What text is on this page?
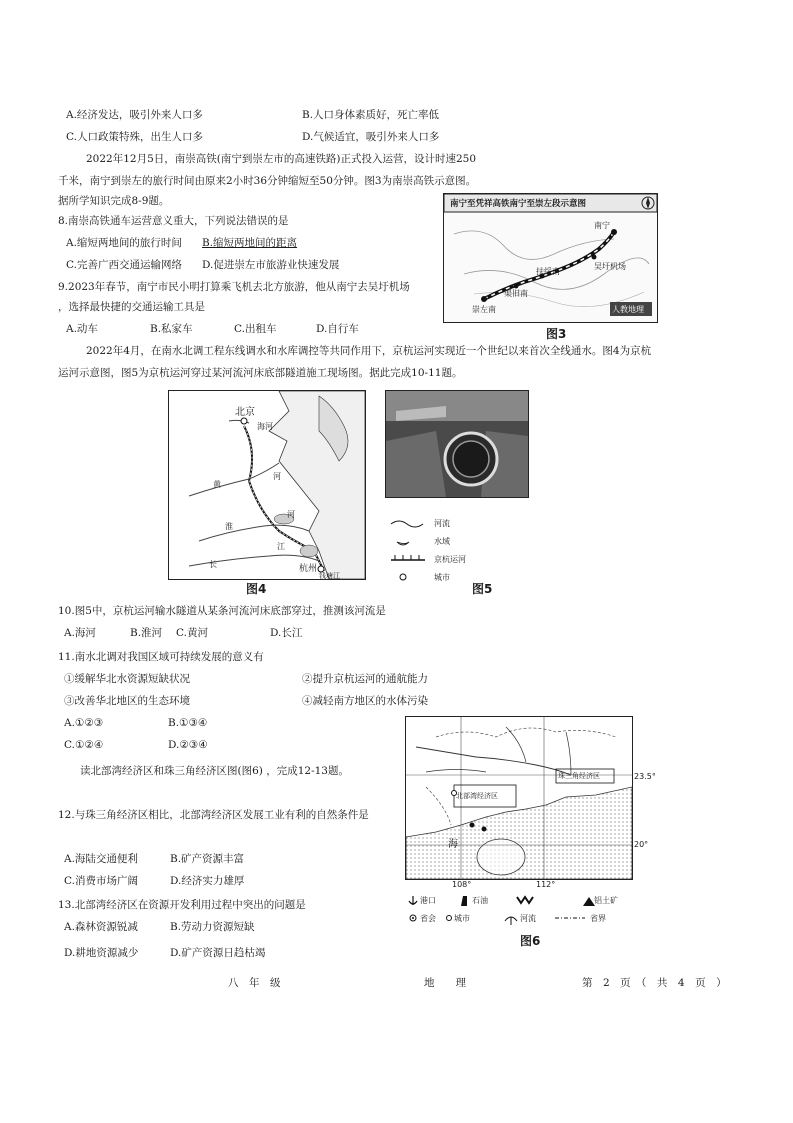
A.经济发达，吸引外来人口多	B.人口身体素质好，死亡率低
C.人口政策特殊，出生人口多	D.气候适宜，吸引外来人口多
2022年12月5日，南崇高铁(南宁到崇左市的高速铁路)正式投入运营，设计时速250
千米，南宁到崇左的旅行时间由原来2小时36分钟缩短至50分钟。图3为南崇高铁示意图。
据所学知识完成8-9题。
8.南崇高铁通车运营意义重大，下列说法错误的是
A.缩短两地间的旅行时间 B.缩短两地间的距离
C.完善广西交通运输网络 D.促进崇左市旅游业快速发展
9.2023年春节，南宁市民小明打算乘飞机去北方旅游，他从南宁去吴圩机场
，选择最快捷的交通运输工具是
A.动车	B.私家车	C.出租车	D.自行车
南宁至凭祥高铁南宁至崇左段示意图
南宁
吴圩机场
扶绥南
渠旧南
崇左南	人教地理
图3
2022年4月，在南水北调工程东线调水和水库调控等共同作用下，京杭运河实现近一个世纪以来首次全线通水。图4为京杭
运河示意图，图5为京杭运河穿过某河流河床底部隧道施工现场图。据此完成10-11题。
北京
海河
黄
河
淮
河
江
长	杭州
钱塘江
图4
河流
水域
京杭运河
城市
图5
10.图5中，京杭运河输水隧道从某条河流河床底部穿过，推测该河流是
A.海河	B.淮河 C.黄河	D.长江
11.南水北调对我国区域可持续发展的意义有
①缓解华北水资源短缺状况	②提升京杭运河的通航能力
③改善华北地区的生态环境	④减轻南方地区的水体污染
A.①②③	B.①③④
C.①②④	D.②③④
读北部湾经济区和珠三角经济区图(图6) ，完成12-13题。
12.与珠三角经济区相比，北部湾经济区发展工业有利的自然条件是
A.海陆交通便利	B.矿产资源丰富
C.消费市场广阔	D.经济实力雄厚
13.北部湾经济区在资源开发利用过程中突出的问题是
A.森林资源锐减	B.劳动力资源短缺
D.耕地资源减少	D.矿产资源日趋枯竭
珠三角经济区
北部湾经济区
海
23.5°
20°
108°	112°
港口	石油	铝土矿
省会 城市	河流	省界
图6
八　年　级	地　　理	第　2　页　（　共　4　页　）
